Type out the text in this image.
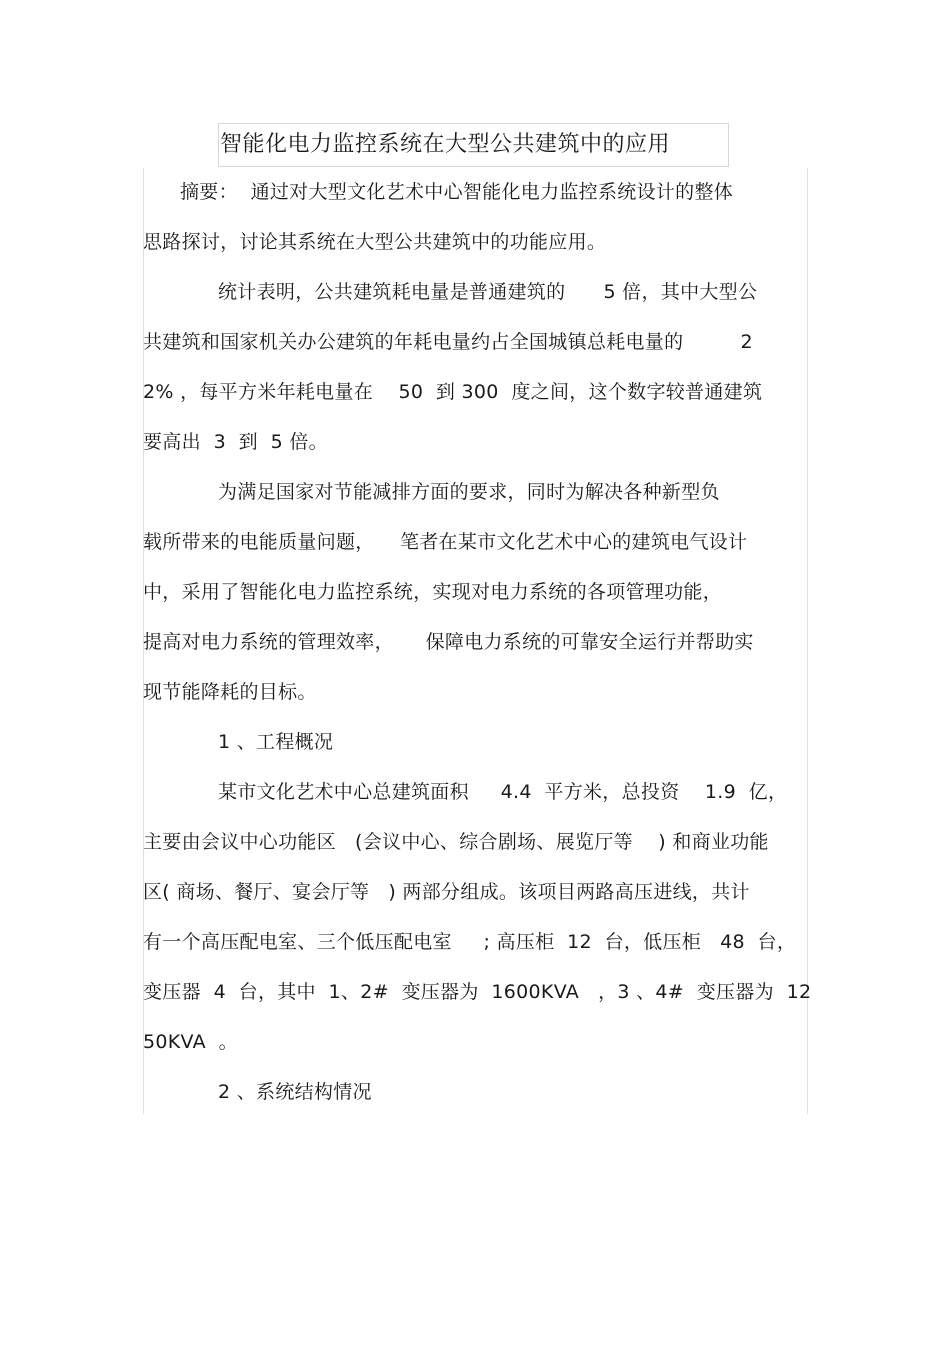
智能化电力监控系统在大型公共建筑中的应用
摘要：  通过对大型文化艺术中心智能化电力监控系统设计的整体
思路探讨，讨论其系统在大型公共建筑中的功能应用。
统计表明，公共建筑耗电量是普通建筑的      5 倍，其中大型公
共建筑和国家机关办公建筑的年耗电量约占全国城镇总耗电量的         2
2% ，每平方米年耗电量在    50  到 300  度之间，这个数字较普通建筑
要高出  3  到  5 倍。
为满足国家对节能减排方面的要求，同时为解决各种新型负
载所带来的电能质量问题，    笔者在某市文化艺术中心的建筑电气设计
中，采用了智能化电力监控系统，实现对电力系统的各项管理功能，
提高对电力系统的管理效率，     保障电力系统的可靠安全运行并帮助实
现节能降耗的目标。
1 、工程概况
某市文化艺术中心总建筑面积     4.4  平方米，总投资    1.9  亿，
主要由会议中心功能区   (会议中心、综合剧场、展览厅等    ) 和商业功能
区( 商场、餐厅、宴会厅等   ) 两部分组成。该项目两路高压进线，共计
有一个高压配电室、三个低压配电室     ; 高压柜  12  台，低压柜   48  台，
变压器  4  台，其中  1、2#  变压器为  1600KVA   ，3 、4#  变压器为  12
50KVA  。
2 、系统结构情况
